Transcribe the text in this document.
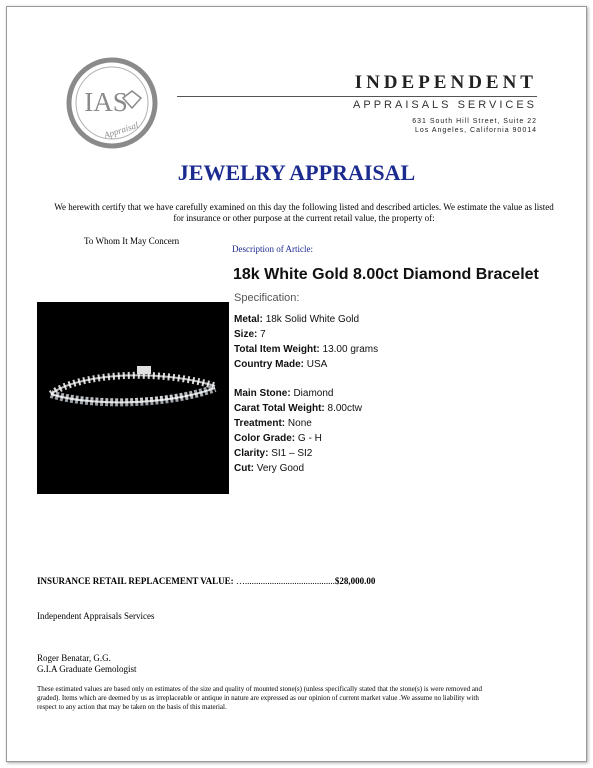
IAS
Appraisal
INDEPENDENT
APPRAISALS SERVICES
631 South Hill Street, Suite 22
Los Angeles, California 90014
JEWELRY APPRAISAL
We herewith certify that we have carefully examined on this day the following listed and described articles. We estimate the value as listed for insurance or other purpose at the current retail value, the property of:
To Whom It May Concern
Description of Article:
18k White Gold 8.00ct Diamond Bracelet
Specification:
Metal: 18k Solid White Gold
Size: 7
Total Item Weight: 13.00 grams
Country Made: USA
Main Stone: Diamond
Carat Total Weight: 8.00ctw
Treatment: None
Color Grade: G - H
Clarity: SI1 – SI2
Cut: Very Good
INSURANCE RETAIL REPLACEMENT VALUE: …........................................$28,000.00
Independent Appraisals Services
Roger Benatar, G.G.
G.I.A Graduate Gemologist
These estimated values are based only on estimates of the size and quality of mounted stone(s) (unless specifically stated that the stone(s) is were removed and graded). Items which are deemed by us as irreplaceable or antique in nature are expressed as our opinion of current market value .We assume no liability with respect to any action that may be taken on the basis of this material.
